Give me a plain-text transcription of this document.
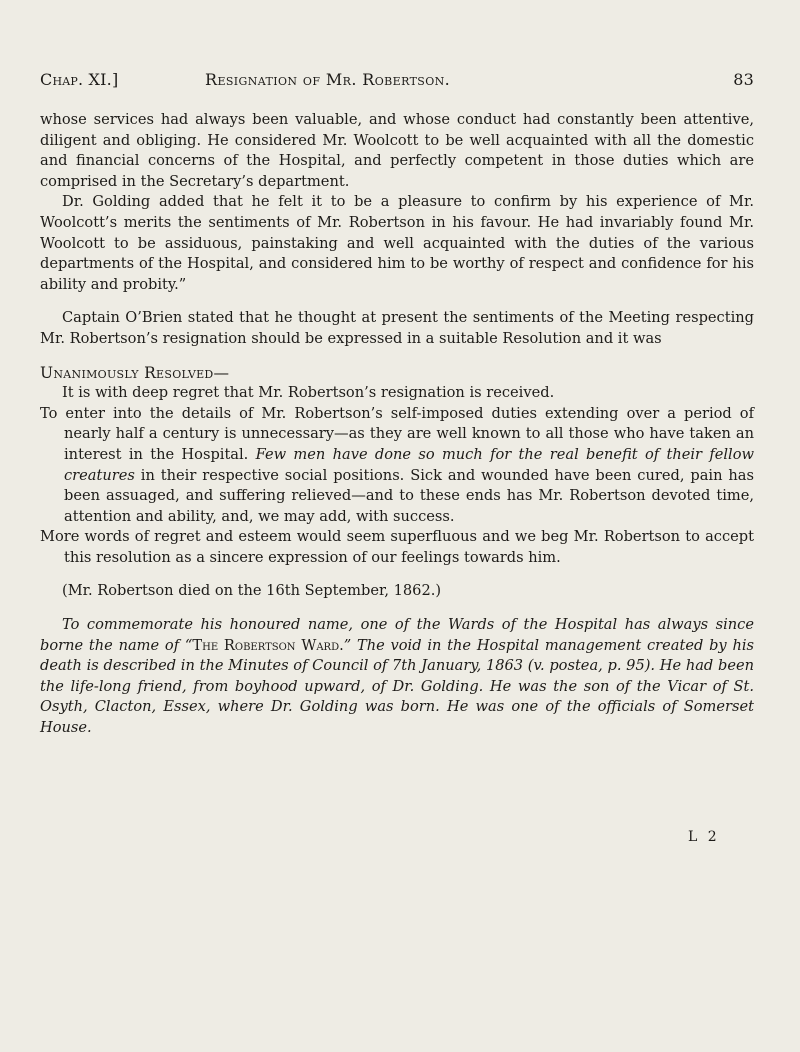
Chap. XI.]	Resignation of Mr. Robertson.	83

whose services had always been valuable, and whose conduct had constantly been attentive, diligent and obliging. He considered Mr. Woolcott to be well acquainted with all the domestic and financial concerns of the Hospital, and perfectly competent in those duties which are comprised in the Secretary’s department.

Dr. Golding added that he felt it to be a pleasure to confirm by his experience of Mr. Woolcott’s merits the sentiments of Mr. Robertson in his favour. He had invariably found Mr. Woolcott to be assiduous, painstaking and well acquainted with the duties of the various departments of the Hospital, and considered him to be worthy of respect and confidence for his ability and probity.”

Captain O’Brien stated that he thought at present the sentiments of the Meeting respecting Mr. Robertson’s resignation should be expressed in a suitable Resolution and it was

Unanimously Resolved—

It is with deep regret that Mr. Robertson’s resignation is received.

To enter into the details of Mr. Robertson’s self-imposed duties extending over a period of nearly half a century is unnecessary—as they are well known to all those who have taken an interest in the Hospital. Few men have done so much for the real benefit of their fellow creatures in their respective social positions. Sick and wounded have been cured, pain has been assuaged, and suffering relieved—and to these ends has Mr. Robertson devoted time, attention and ability, and, we may add, with success.

More words of regret and esteem would seem superfluous and we beg Mr. Robertson to accept this resolution as a sincere expression of our feelings towards him.

(Mr. Robertson died on the 16th September, 1862.)

To commemorate his honoured name, one of the Wards of the Hospital has always since borne the name of “The Robertson Ward.” The void in the Hospital management created by his death is described in the Minutes of Council of 7th January, 1863 (v. postea, p. 95). He had been the life-long friend, from boyhood upward, of Dr. Golding. He was the son of the Vicar of St. Osyth, Clacton, Essex, where Dr. Golding was born. He was one of the officials of Somerset House.

L 2
